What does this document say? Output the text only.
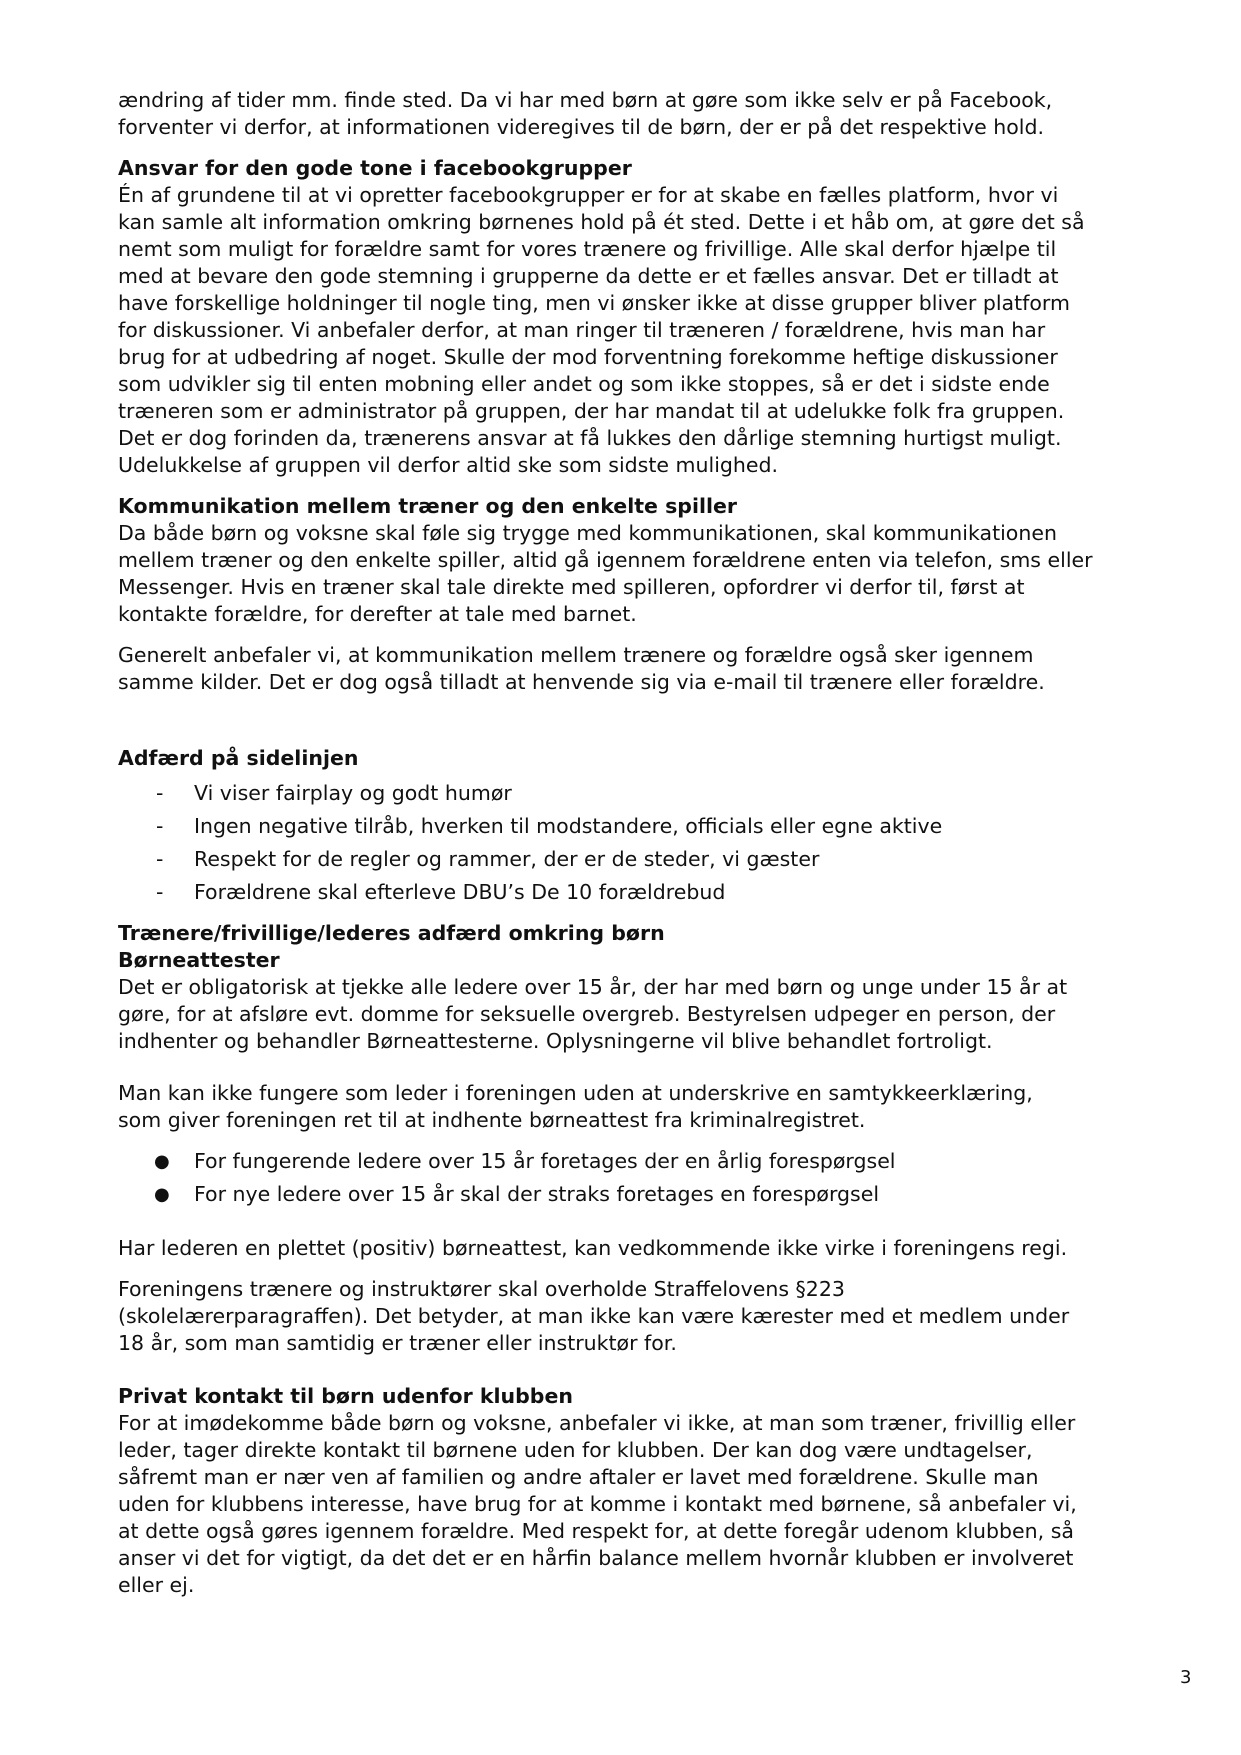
ændring af tider mm. finde sted. Da vi har med børn at gøre som ikke selv er på Facebook,
forventer vi derfor, at informationen videregives til de børn, der er på det respektive hold.

Ansvar for den gode tone i facebookgrupper
Én af grundene til at vi opretter facebookgrupper er for at skabe en fælles platform, hvor vi
kan samle alt information omkring børnenes hold på ét sted. Dette i et håb om, at gøre det så
nemt som muligt for forældre samt for vores trænere og frivillige. Alle skal derfor hjælpe til
med at bevare den gode stemning i grupperne da dette er et fælles ansvar. Det er tilladt at
have forskellige holdninger til nogle ting, men vi ønsker ikke at disse grupper bliver platform
for diskussioner. Vi anbefaler derfor, at man ringer til træneren / forældrene, hvis man har
brug for at udbedring af noget. Skulle der mod forventning forekomme heftige diskussioner
som udvikler sig til enten mobning eller andet og som ikke stoppes, så er det i sidste ende
træneren som er administrator på gruppen, der har mandat til at udelukke folk fra gruppen.
Det er dog forinden da, trænerens ansvar at få lukkes den dårlige stemning hurtigst muligt.
Udelukkelse af gruppen vil derfor altid ske som sidste mulighed.

Kommunikation mellem træner og den enkelte spiller
Da både børn og voksne skal føle sig trygge med kommunikationen, skal kommunikationen
mellem træner og den enkelte spiller, altid gå igennem forældrene enten via telefon, sms eller
Messenger. Hvis en træner skal tale direkte med spilleren, opfordrer vi derfor til, først at
kontakte forældre, for derefter at tale med barnet.

Generelt anbefaler vi, at kommunikation mellem trænere og forældre også sker igennem
samme kilder. Det er dog også tilladt at henvende sig via e-mail til trænere eller forældre.

Adfærd på sidelinjen

- Vi viser fairplay og godt humør
- Ingen negative tilråb, hverken til modstandere, officials eller egne aktive
- Respekt for de regler og rammer, der er de steder, vi gæster
- Forældrene skal efterleve DBU’s De 10 forældrebud

Trænere/frivillige/lederes adfærd omkring børn
Børneattester

Det er obligatorisk at tjekke alle ledere over 15 år, der har med børn og unge under 15 år at
gøre, for at afsløre evt. domme for seksuelle overgreb. Bestyrelsen udpeger en person, der
indhenter og behandler Børneattesterne. Oplysningerne vil blive behandlet fortroligt.

Man kan ikke fungere som leder i foreningen uden at underskrive en samtykkeerklæring,
som giver foreningen ret til at indhente børneattest fra kriminalregistret.

● For fungerende ledere over 15 år foretages der en årlig forespørgsel
● For nye ledere over 15 år skal der straks foretages en forespørgsel

Har lederen en plettet (positiv) børneattest, kan vedkommende ikke virke i foreningens regi.

Foreningens trænere og instruktører skal overholde Straffelovens §223
(skolelærerparagraffen). Det betyder, at man ikke kan være kærester med et medlem under
18 år, som man samtidig er træner eller instruktør for.

Privat kontakt til børn udenfor klubben
For at imødekomme både børn og voksne, anbefaler vi ikke, at man som træner, frivillig eller
leder, tager direkte kontakt til børnene uden for klubben. Der kan dog være undtagelser,
såfremt man er nær ven af familien og andre aftaler er lavet med forældrene. Skulle man
uden for klubbens interesse, have brug for at komme i kontakt med børnene, så anbefaler vi,
at dette også gøres igennem forældre. Med respekt for, at dette foregår udenom klubben, så
anser vi det for vigtigt, da det det er en hårfin balance mellem hvornår klubben er involveret
eller ej.

3
